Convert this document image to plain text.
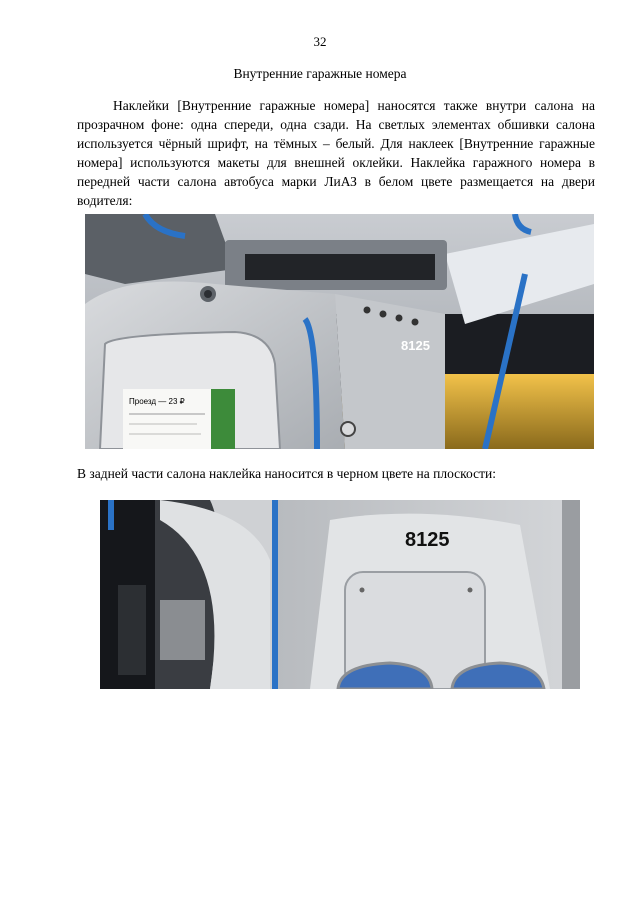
32
Внутренние гаражные номера

Наклейки [Внутренние гаражные номера] наносятся также внутри салона на прозрачном фоне: одна спереди, одна сзади. На светлых элементах обшивки салона используется чёрный шрифт, на тёмных – белый. Для наклеек [Внутренние гаражные номера] используются макеты для внешней оклейки. Наклейка гаражного номера в передней части салона автобуса марки ЛиАЗ в белом цвете размещается на двери водителя:

Проезд — 23 ₽
8125

В задней части салона наклейка наносится в черном цвете на плоскости:

8125
